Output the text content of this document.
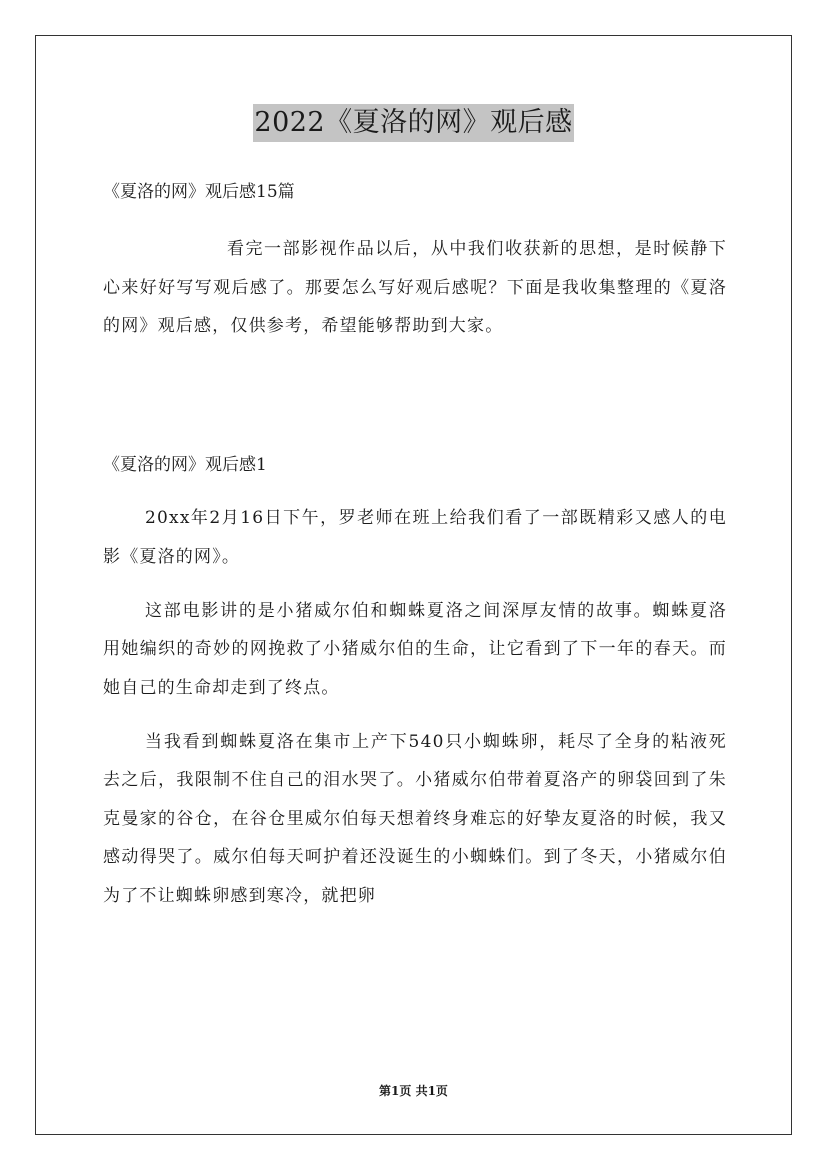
2022《夏洛的网》观后感

《夏洛的网》观后感15篇

看完一部影视作品以后，从中我们收获新的思想，是时候静下心来好好写写观后感了。那要怎么写好观后感呢？下面是我收集整理的《夏洛的网》观后感，仅供参考，希望能够帮助到大家。

《夏洛的网》观后感1

20xx年2月16日下午，罗老师在班上给我们看了一部既精彩又感人的电影《夏洛的网》。

这部电影讲的是小猪威尔伯和蜘蛛夏洛之间深厚友情的故事。蜘蛛夏洛用她编织的奇妙的网挽救了小猪威尔伯的生命，让它看到了下一年的春天。而她自己的生命却走到了终点。

当我看到蜘蛛夏洛在集市上产下540只小蜘蛛卵，耗尽了全身的粘液死去之后，我限制不住自己的泪水哭了。小猪威尔伯带着夏洛产的卵袋回到了朱克曼家的谷仓，在谷仓里威尔伯每天想着终身难忘的好挚友夏洛的时候，我又感动得哭了。威尔伯每天呵护着还没诞生的小蜘蛛们。到了冬天，小猪威尔伯为了不让蜘蛛卵感到寒冷，就把卵

第1页 共1页
